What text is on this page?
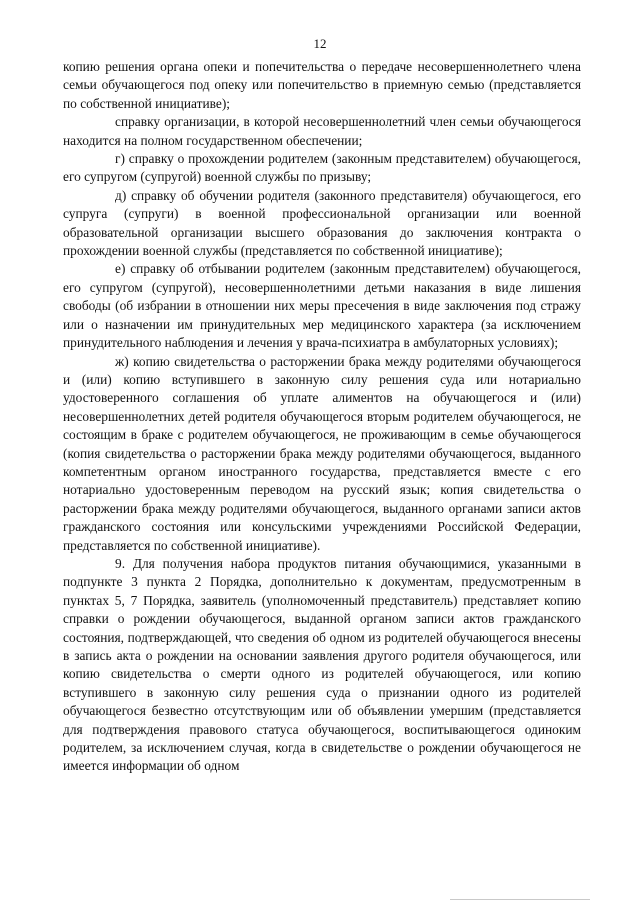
12

копию решения органа опеки и попечительства о передаче несовершеннолетнего члена семьи обучающегося под опеку или попечительство в приемную семью (представляется по собственной инициативе);

справку организации, в которой несовершеннолетний член семьи обучающегося находится на полном государственном обеспечении;

г) справку о прохождении родителем (законным представителем) обучающегося, его супругом (супругой) военной службы по призыву;

д) справку об обучении родителя (законного представителя) обучающегося, его супруга (супруги) в военной профессиональной организации или военной образовательной организации высшего образования до заключения контракта о прохождении военной службы (представляется по собственной инициативе);

е) справку об отбывании родителем (законным представителем) обучающегося, его супругом (супругой), несовершеннолетними детьми наказания в виде лишения свободы (об избрании в отношении них меры пресечения в виде заключения под стражу или о назначении им принудительных мер медицинского характера (за исключением принудительного наблюдения и лечения у врача-психиатра в амбулаторных условиях);

ж) копию свидетельства о расторжении брака между родителями обучающегося и (или) копию вступившего в законную силу решения суда или нотариально удостоверенного соглашения об уплате алиментов на обучающегося и (или) несовершеннолетних детей родителя обучающегося вторым родителем обучающегося, не состоящим в браке с родителем обучающегося, не проживающим в семье обучающегося (копия свидетельства о расторжении брака между родителями обучающегося, выданного компетентным органом иностранного государства, представляется вместе с его нотариально удостоверенным переводом на русский язык; копия свидетельства о расторжении брака между родителями обучающегося, выданного органами записи актов гражданского состояния или консульскими учреждениями Российской Федерации, представляется по собственной инициативе).

9. Для получения набора продуктов питания обучающимися, указанными в подпункте 3 пункта 2 Порядка, дополнительно к документам, предусмотренным в пунктах 5, 7 Порядка, заявитель (уполномоченный представитель) представляет копию справки о рождении обучающегося, выданной органом записи актов гражданского состояния, подтверждающей, что сведения об одном из родителей обучающегося внесены в запись акта о рождении на основании заявления другого родителя обучающегося, или копию свидетельства о смерти одного из родителей обучающегося, или копию вступившего в законную силу решения суда о признании одного из родителей обучающегося безвестно отсутствующим или об объявлении умершим (представляется для подтверждения правового статуса обучающегося, воспитывающегося одиноким родителем, за исключением случая, когда в свидетельстве о рождении обучающегося не имеется информации об одном
